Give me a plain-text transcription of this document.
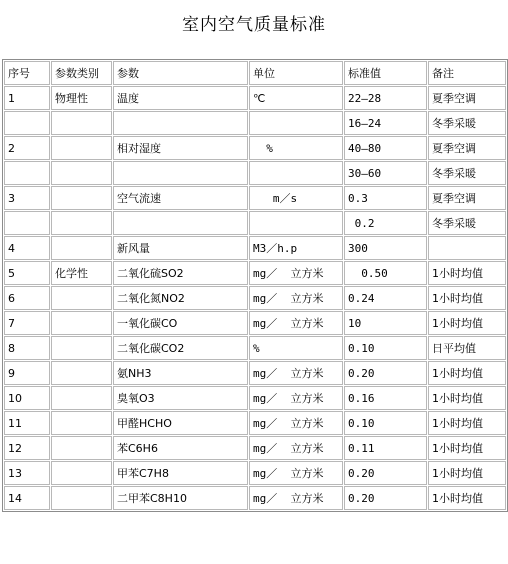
室内空气质量标准
序号	参数类别	参数	单位	标准值	备注
1	物理性	温度	℃	22—28	夏季空调
				16—24	冬季采暖
2		相对湿度	%	40—80	夏季空调
				30—60	冬季采暖
3		空气流速	m／s	0.3	夏季空调
				0.2	冬季采暖
4		新风量	M3／h.p	300	
5	化学性	二氧化硫SO2	mg／  立方米	0.50	1小时均值
6		二氧化氮NO2	mg／  立方米	0.24	1小时均值
7		一氧化碳CO	mg／  立方米	10	1小时均值
8		二氧化碳CO2	%	0.10	日平均值
9		氨NH3	mg／  立方米	0.20	1小时均值
10		臭氧O3	mg／  立方米	0.16	1小时均值
11		甲醛HCHO	mg／  立方米	0.10	1小时均值
12		苯C6H6	mg／  立方米	0.11	1小时均值
13		甲苯C7H8	mg／  立方米	0.20	1小时均值
14		二甲苯C8H10	mg／  立方米	0.20	1小时均值
